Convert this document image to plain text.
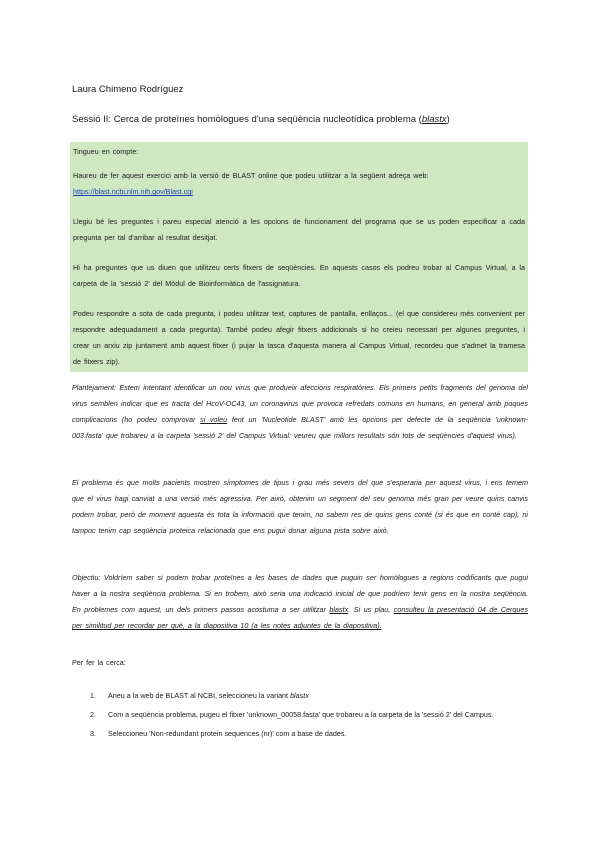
Laura Chimeno Rodríguez
Sessió II: Cerca de proteïnes homòlogues d'una seqüència nucleotídica problema (blastx)

Tingueu en compte:

Haureu de fer aquest exercici amb la versió de BLAST online que podeu utilitzar a la següent adreça web:
https://blast.ncbi.nlm.nih.gov/Blast.cgi

Llegiu bé les preguntes i pareu especial atenció a les opcions de funcionament del programa que se us poden especificar a cada pregunta per tal d'arribar al resultat desitjat.

Hi ha preguntes que us diuen que utilitzeu certs fitxers de seqüències. En aquests casos els podreu trobar al Campus Virtual, a la carpeta de la 'sessió 2' del Mòdul de Bioinformàtica de l'assignatura.

Podeu respondre a sota de cada pregunta, i podeu utilitzar text, captures de pantalla, enllaços... (el que considereu més convenient per respondre adequadament a cada pregunta). També podeu afegir fitxers addicionals si ho creieu necessari per algunes preguntes, i crear un arxiu zip juntament amb aquest fitxer (i pujar la tasca d'aquesta manera al Campus Virtual, recordeu que s'admet la tramesa de fitxers zip).

Plantejament: Estem intentant identificar un nou virus que produeix afeccions respiratòries. Els primers petits fragments del genoma del virus semblen indicar que es tracta del HcoV-OC43, un coronavirus que provoca refredats comuns en humans, en general amb poques complicacions (ho podeu comprovar si voleu fent un 'Nucleotide BLAST' amb les opcions per defecte de la seqüència 'unknown-003.fasta' que trobareu a la carpeta 'sessió 2' del Campus Virtual: veureu que millors resultats són tots de seqüències d'aquest virus).

El problema és que molts pacients mostren símptomes de tipus i grau més severs del que s'esperaria per aquest virus, i ens temem que el virus hagi canviat a una versió més agressiva. Per això, obtenim un segment del seu genoma més gran per veure quins canvis podem trobar, però de moment aquesta és tota la informació que tenim, no sabem res de quins gens conté (si és que en conté cap), ni tampoc tenim cap seqüència proteica relacionada que ens pugui donar alguna pista sobre això.

Objectiu: Voldríem saber si podem trobar proteïnes a les bases de dades que puguin ser homòlogues a regions codificants que pugui haver a la nostra seqüència problema. Si en trobem, això seria una indicació inicial de que podríem tenir gens en la nostra seqüència. En problemes com aquest, un dels primers passos acostuma a ser utilitzar blastx. Si us plau, consulteu la presentació 04 de Cerques per similitud per recordar per què, a la diapositiva 10 (a les notes adjuntes de la diapositiva).

Per fer la cerca:

1. Aneu a la web de BLAST al NCBI, seleccioneu la variant blastx
2. Com a seqüència problema, pugeu el fitxer 'unknown_00058.fasta' que trobareu a la carpeta de la 'sessió 2' del Campus.
3. Seleccioneu 'Non-redundant protein sequences (nr)' com a base de dades.
